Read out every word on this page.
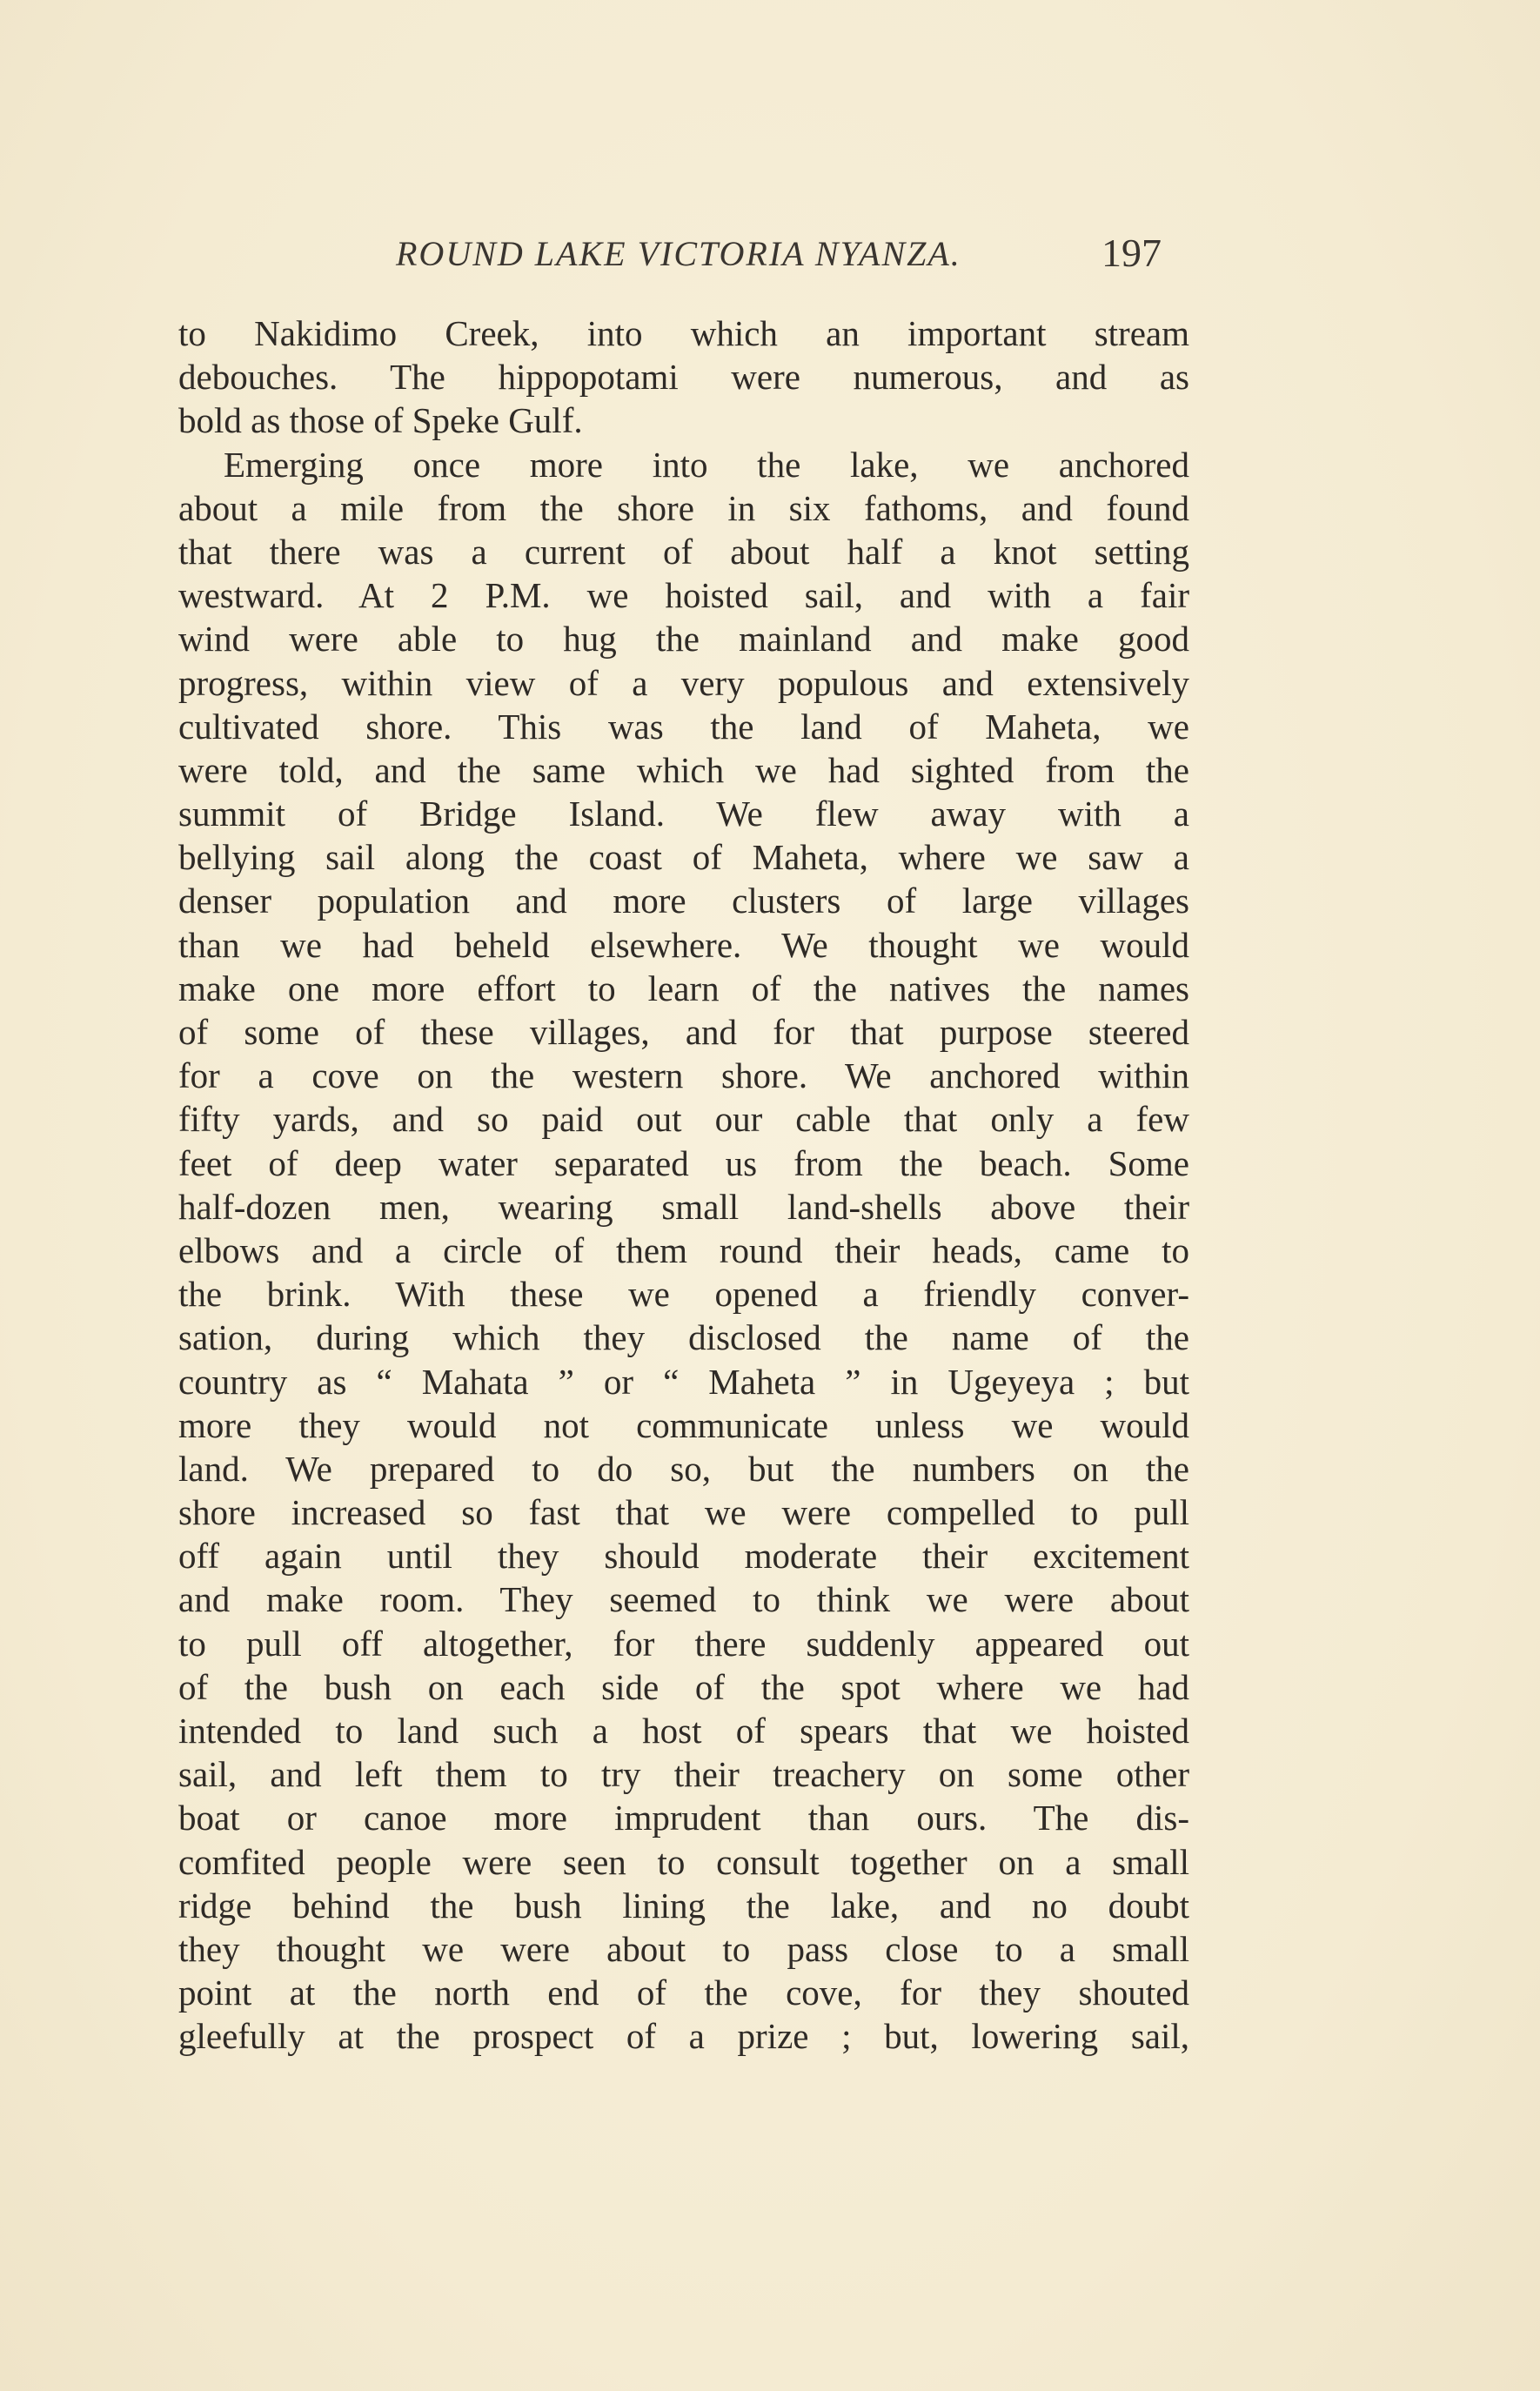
ROUND LAKE VICTORIA NYANZA.	197
to Nakidimo Creek, into which an important stream
debouches. The hippopotami were numerous, and as
bold as those of Speke Gulf.
Emerging once more into the lake, we anchored
about a mile from the shore in six fathoms, and found
that there was a current of about half a knot setting
westward. At 2 P.M. we hoisted sail, and with a fair
wind were able to hug the mainland and make good
progress, within view of a very populous and extensively
cultivated shore. This was the land of Maheta, we
were told, and the same which we had sighted from the
summit of Bridge Island. We flew away with a
bellying sail along the coast of Maheta, where we saw a
denser population and more clusters of large villages
than we had beheld elsewhere. We thought we would
make one more effort to learn of the natives the names
of some of these villages, and for that purpose steered
for a cove on the western shore. We anchored within
fifty yards, and so paid out our cable that only a few
feet of deep water separated us from the beach. Some
half-dozen men, wearing small land-shells above their
elbows and a circle of them round their heads, came to
the brink. With these we opened a friendly conver-
sation, during which they disclosed the name of the
country as “ Mahata ” or “ Maheta ” in Ugeyeya ; but
more they would not communicate unless we would
land. We prepared to do so, but the numbers on the
shore increased so fast that we were compelled to pull
off again until they should moderate their excitement
and make room. They seemed to think we were about
to pull off altogether, for there suddenly appeared out
of the bush on each side of the spot where we had
intended to land such a host of spears that we hoisted
sail, and left them to try their treachery on some other
boat or canoe more imprudent than ours. The dis-
comfited people were seen to consult together on a small
ridge behind the bush lining the lake, and no doubt
they thought we were about to pass close to a small
point at the north end of the cove, for they shouted
gleefully at the prospect of a prize ; but, lowering sail,
